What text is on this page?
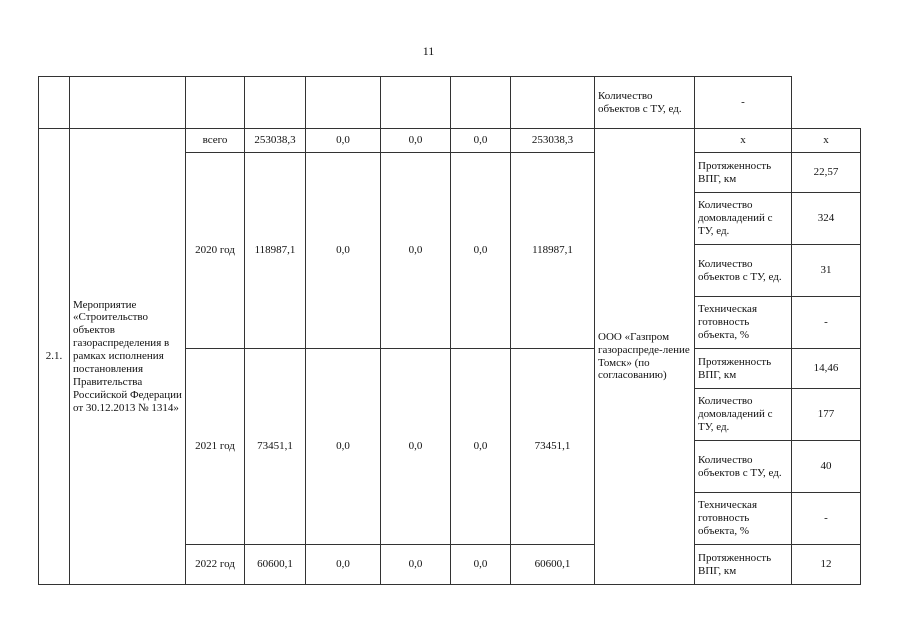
11
								Количество объектов с ТУ, ед.	-	
2.1.	Мероприятие «Строительство объектов газораспределения в рамках исполнения постановления Правительства Российской Федерации от 30.12.2013 № 1314»	всего	253038,3	0,0	0,0	0,0	253038,3	ООО «Газпром газораспреде-ление Томск» (по согласованию)	х	х
		2020 год	118987,1	0,0	0,0	0,0	118987,1		Протяженность ВПГ, км	22,57
									Количество домовладений с ТУ, ед.	324
									Количество объектов с ТУ, ед.	31
									Техническая готовность объекта, %	-
		2021 год	73451,1	0,0	0,0	0,0	73451,1		Протяженность ВПГ, км	14,46
									Количество домовладений с ТУ, ед.	177
									Количество объектов с ТУ, ед.	40
									Техническая готовность объекта, %	-
		2022 год	60600,1	0,0	0,0	0,0	60600,1		Протяженность ВПГ, км	12
